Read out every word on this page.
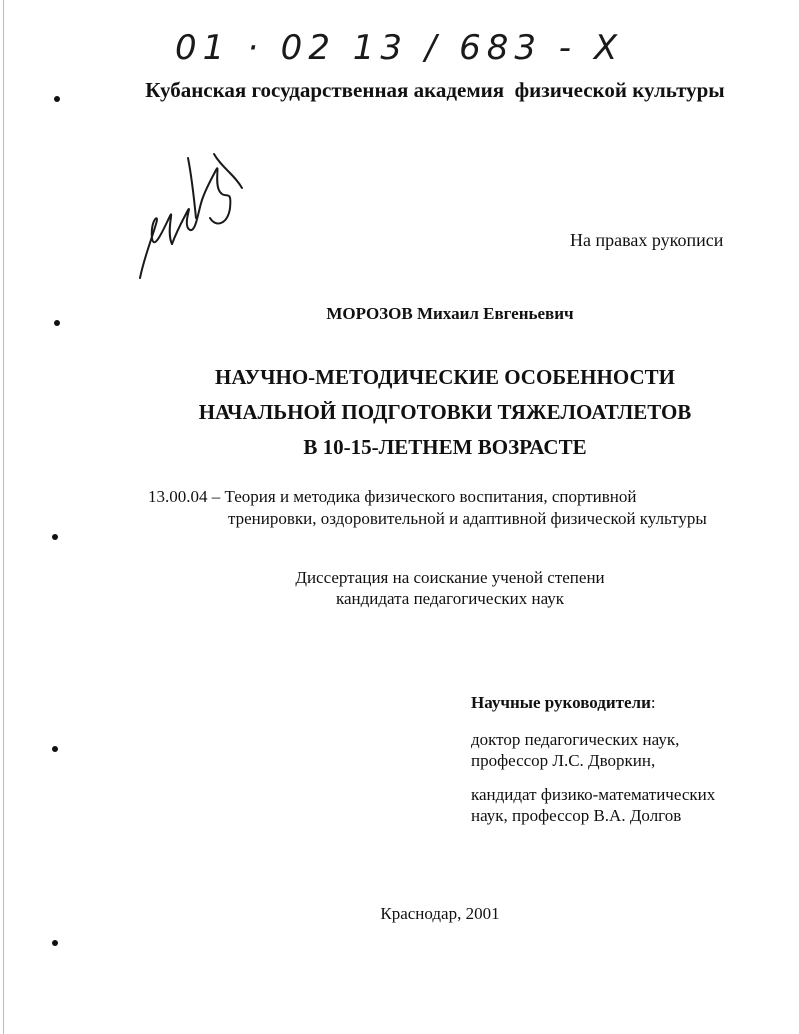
01 · 02 13 / 683 - X
Кубанская государственная академия  физической культуры
На правах рукописи
МОРОЗОВ Михаил Евгеньевич
НАУЧНО-МЕТОДИЧЕСКИЕ ОСОБЕННОСТИ
НАЧАЛЬНОЙ ПОДГОТОВКИ ТЯЖЕЛОАТЛЕТОВ
В 10-15-ЛЕТНЕМ ВОЗРАСТЕ
13.00.04 – Теория и методика физического воспитания, спортивной
тренировки, оздоровительной и адаптивной физической культуры
Диссертация на соискание ученой степени
кандидата педагогических наук
Научные руководители:
доктор педагогических наук,
профессор Л.С. Дворкин,
кандидат физико-математических
наук, профессор В.А. Долгов
Краснодар, 2001
